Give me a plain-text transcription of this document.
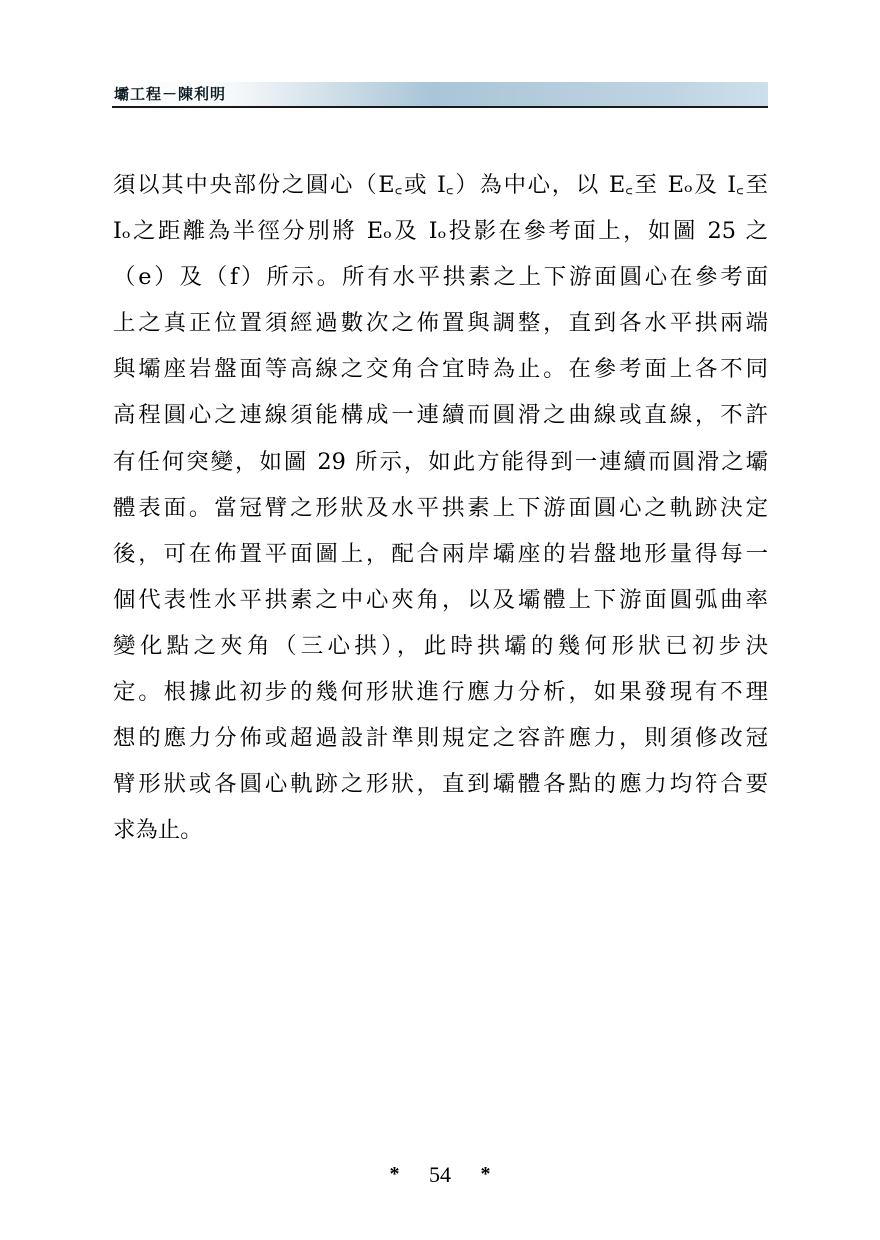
壩工程－陳利明
須以其中央部份之圓心（E꜀或 I꜀）為中心，以 E꜀至 Eₒ及 I꜀至
Iₒ之距離為半徑分別將 Eₒ及 Iₒ投影在參考面上，如圖 25 之
（e）及（f）所示。所有水平拱素之上下游面圓心在參考面
上之真正位置須經過數次之佈置與調整，直到各水平拱兩端
與壩座岩盤面等高線之交角合宜時為止。在參考面上各不同
高程圓心之連線須能構成一連續而圓滑之曲線或直線，不許
有任何突變，如圖 29 所示，如此方能得到一連續而圓滑之壩
體表面。當冠臂之形狀及水平拱素上下游面圓心之軌跡決定
後，可在佈置平面圖上，配合兩岸壩座的岩盤地形量得每一
個代表性水平拱素之中心夾角，以及壩體上下游面圓弧曲率
變化點之夾角（三心拱），此時拱壩的幾何形狀已初步決
定。根據此初步的幾何形狀進行應力分析，如果發現有不理
想的應力分佈或超過設計準則規定之容許應力，則須修改冠
臂形狀或各圓心軌跡之形狀，直到壩體各點的應力均符合要
求為止。
* 54 *
